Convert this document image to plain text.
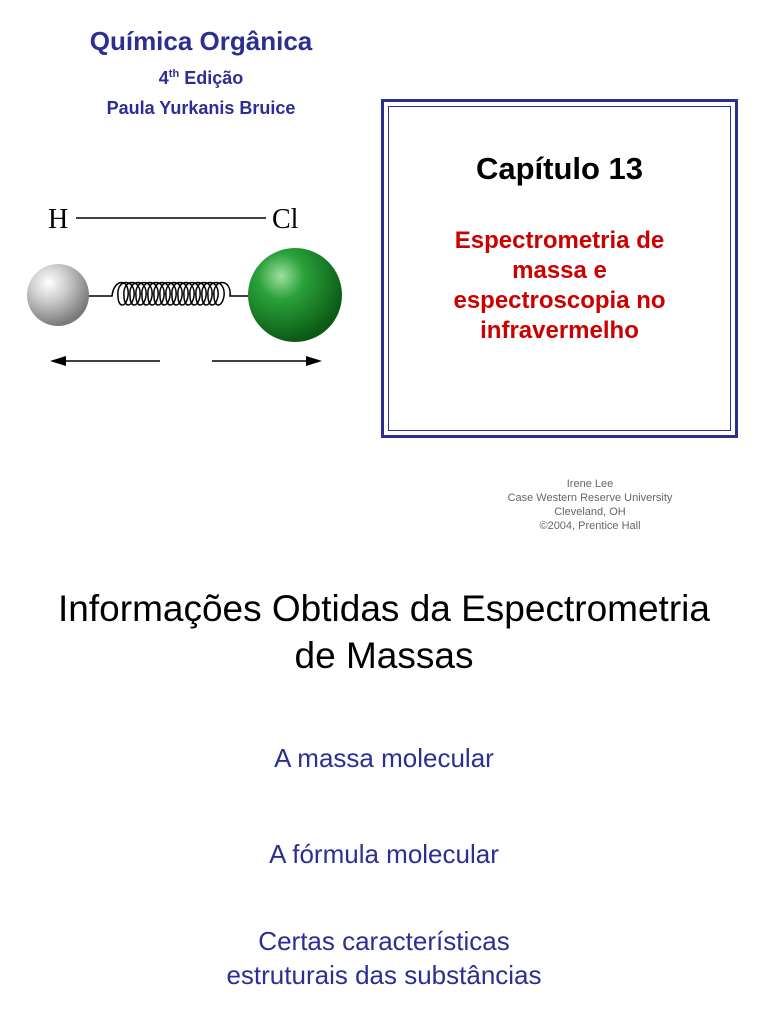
Química Orgânica
4th Edição
Paula Yurkanis Bruice
H	Cl
Capítulo 13
Espectrometria de
massa e
espectroscopia no
infravermelho
Irene Lee
Case Western Reserve University
Cleveland, OH
©2004, Prentice Hall
Informações Obtidas da Espectrometria
de Massas
A massa molecular
A fórmula molecular
Certas características
estruturais das substâncias
